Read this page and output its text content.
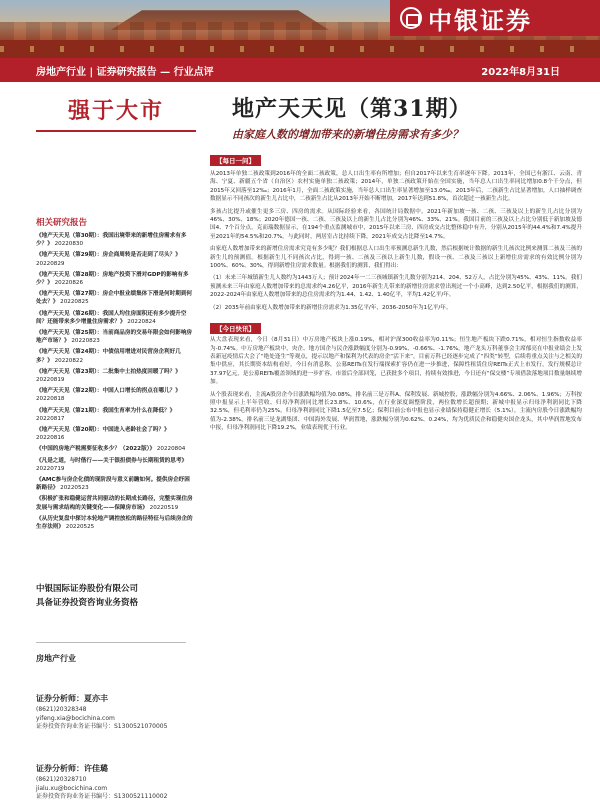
中银证券
房地产行业 | 证券研究报告 — 行业点评	2022年8月31日
强于大市
相关研究报告
《地产天天见（第30期）：我国出境带来的新增住房需求有多少？》 20220830
《地产天天见（第29期）：房企商周转是否走到了尽头？》 20220829
《地产天天见（第28期）：房地产投资下滑对GDP的影响有多少？》 20220826
《地产天天见（第27期）：房企中报业绩集体下滑是何时期到何处去？》 20220825
《地产天天见（第26期）：我国人均住房面积还有多少提升空间？还能带来多少增量住房需求？》 20220824
《地产天天见（第25期）：当前商品房的交易年限会如何影响房地产市场？》 20220823
《地产天天见（第24期）：中债信用增进对民营房企利好几多？》 20220822
《地产天天见（第23期）：二批集中土拍热度回暖了吗？》 20220819
《地产天天见（第22期）：中国人口增长的拐点在哪儿？》 20220818
《地产天天见（第21期）：我国生育率为什么在降低？》 20220817
《地产天天见（第20期）：中国进入老龄社会了吗？》 20220816
《中国的房地产税需要征收多少？（2022版）》 20220804
《凡是之道，与时偕行——关于银担债券与长期租赁的思考》 20220719
《AMC参与房企化债的现阶段与意义前瞻如何。提供房企纾困新路径》 20220523
《积极扩张和稳健运营共同驱动的长期成长路径，完整实现住房发展与需求结构的关键变化——保障房市场》 20220519
《从历史复盘中探讨本轮地产调控放松的路径特征与后续房企的生存法则》 20220525
中银国际证券股份有限公司
具备证券投资咨询业务资格
房地产行业
证券分析师：夏亦丰
(8621)20328348
yifeng.xia@bocichina.com
证券投资咨询业务证书编号：S1300521070005
证券分析师：许佳璐
(8621)20328710
jialu.xu@bocichina.com
证券投资咨询业务证书编号：S1300521110002
地产天天见（第31期）
由家庭人数的增加带来的新增住房需求有多少？
【每日一问】

从2013年单独二孩政策到2016年的全面二孩政策，总人口出生率有所增加；但自2017年以来生育率逐年下降。2013年，全国已有浙江、云南、青海、宁夏、新疆五个省（自治区）农村实施单独二孩政策；2014年，单独二孩政策开始在全国实施，当年总人口出生率同比增加0.8个千分点，但2015年又回落至12‰；2016年1月，全面二孩政策实施，当年总人口出生率显著增加至13.0‰。2013年后，二孩新生占比显著增加。人口抽样调查数据显示不同孩次的新生儿占比中，二孩新生占比从2013年开始不断增加，2017年达到51.8%，首次超过一孩新生占比。

多孩占比提升或催生更多三房、四房的需求。从国际经验来看，各国统计局数据中，2021年新加坡一孩、二孩、三孩及以上的新生儿占比分别为46%、30%、18%；2020年德国一孩、二孩、三孩及以上的新生儿占比分别为46%、33%、21%。我国目前的三孩及以上占比分别低于新加坡及德国4、7个百分点。克而瑞数据显示，在194个重点监测城市中，2015年以来三房、四房成交占比整体稳中有升，分别从2015年的44.4%和7.4%提升至2021年的54.5%和20.7%。与此同时，两居室占比持续下降，2021年成交占比降至14.7%。

由家庭人数增加带来的新增住房需求究竟有多少呢？我们根据总人口出生率预测总新生儿数，然后根据统计数据的新生儿孩次比例来测算二孩及三孩的新生儿的预测值。根据新生儿不同孩次占比，得到一孩、二孩及三孩以上新生儿数，假设一孩、二孩及三孩以上新增住房需求的有效比例分别为100%、60%、30%，得到新增住房需求数量。根据我们的测算，我们得出：

（1）未来三年城镇新生儿人数约为1443万人；预计2024年一二三孩城镇新生儿数分别为214、204、52万人，占比分别为45%、43%、11%。我们预测未来三年由家庭人数增加带来的总需求约4.26亿平，2016年新生儿带来的新增住房需求曾出现过一个小高峰，达到2.50亿平，根据我们的测算，2022-2024年由家庭人数增加带来的总住房需求约为1.44、1.42、1.40亿平，平均1.42亿平/年。

（2）2035年前由家庭人数增加带来的新增住房需求为1.35亿平/年，2036-2050年为1亿平/年。

【今日快讯】

从大盘表现来看，今日（8月31日）中万房地产板块上涨0.19%，相对沪深300收益率为0.11%；恒生地产板块下跌0.71%，相对恒生指数收益率为-0.74%。中万房地产板块中，央企、地方国企与民企涨跌幅度分别为-0.99%、-0.66%、-1.76%。地产龙头万科董事会主席郁亮在中报业绩会上发表新冠疫情后大会了“绝处逢生”等观点，提示以地产和保利为代表的房企“活下来”，目前万科已经逐步完成了“四类”转型，后续将重点关注与之相关的集中供应，其长期资本结构看好。今日有消息称，公募REITs在发行端探索扩容仍在进一步推进，保障性租赁住房REITs正式上市发行，发行规模总计37.97亿元，是公募REITs覆盖领域的进一步扩容，市盈后全部回笼，已获批多个项目，持续有效推进，今日还有“保交楼”专项借款落地项目数量继续增加。

从个股表现来看，主流A股房企今日涨跌幅均值为0.08%，排名前三是万科A、保利发展、新城控股，涨跌幅分别为4.66%、2.06%、1.96%；万科按照中报显示上半年营收、归母净利润同比增长23.8%、10.6%，在行业深度调整阶段，两位数增长超预期；新城中报显示归母净利润同比下降32.5%，但毛利率仍为25%，归母净利润同比下降1.5亿至7.5亿；保利目前公布中报也显示业绩保持稳健正增长（5.1%），主流内房股今日涨跌幅均值为-2.38%，排名前三是龙湖集团、中国海外发展、华润置地，涨跌幅分别为0.62%、0.24%，均为优质民企和稳健央国企龙头，其中华润置地发布中报，归母净利润同比下降19.2%，业绩表现优于行业。
